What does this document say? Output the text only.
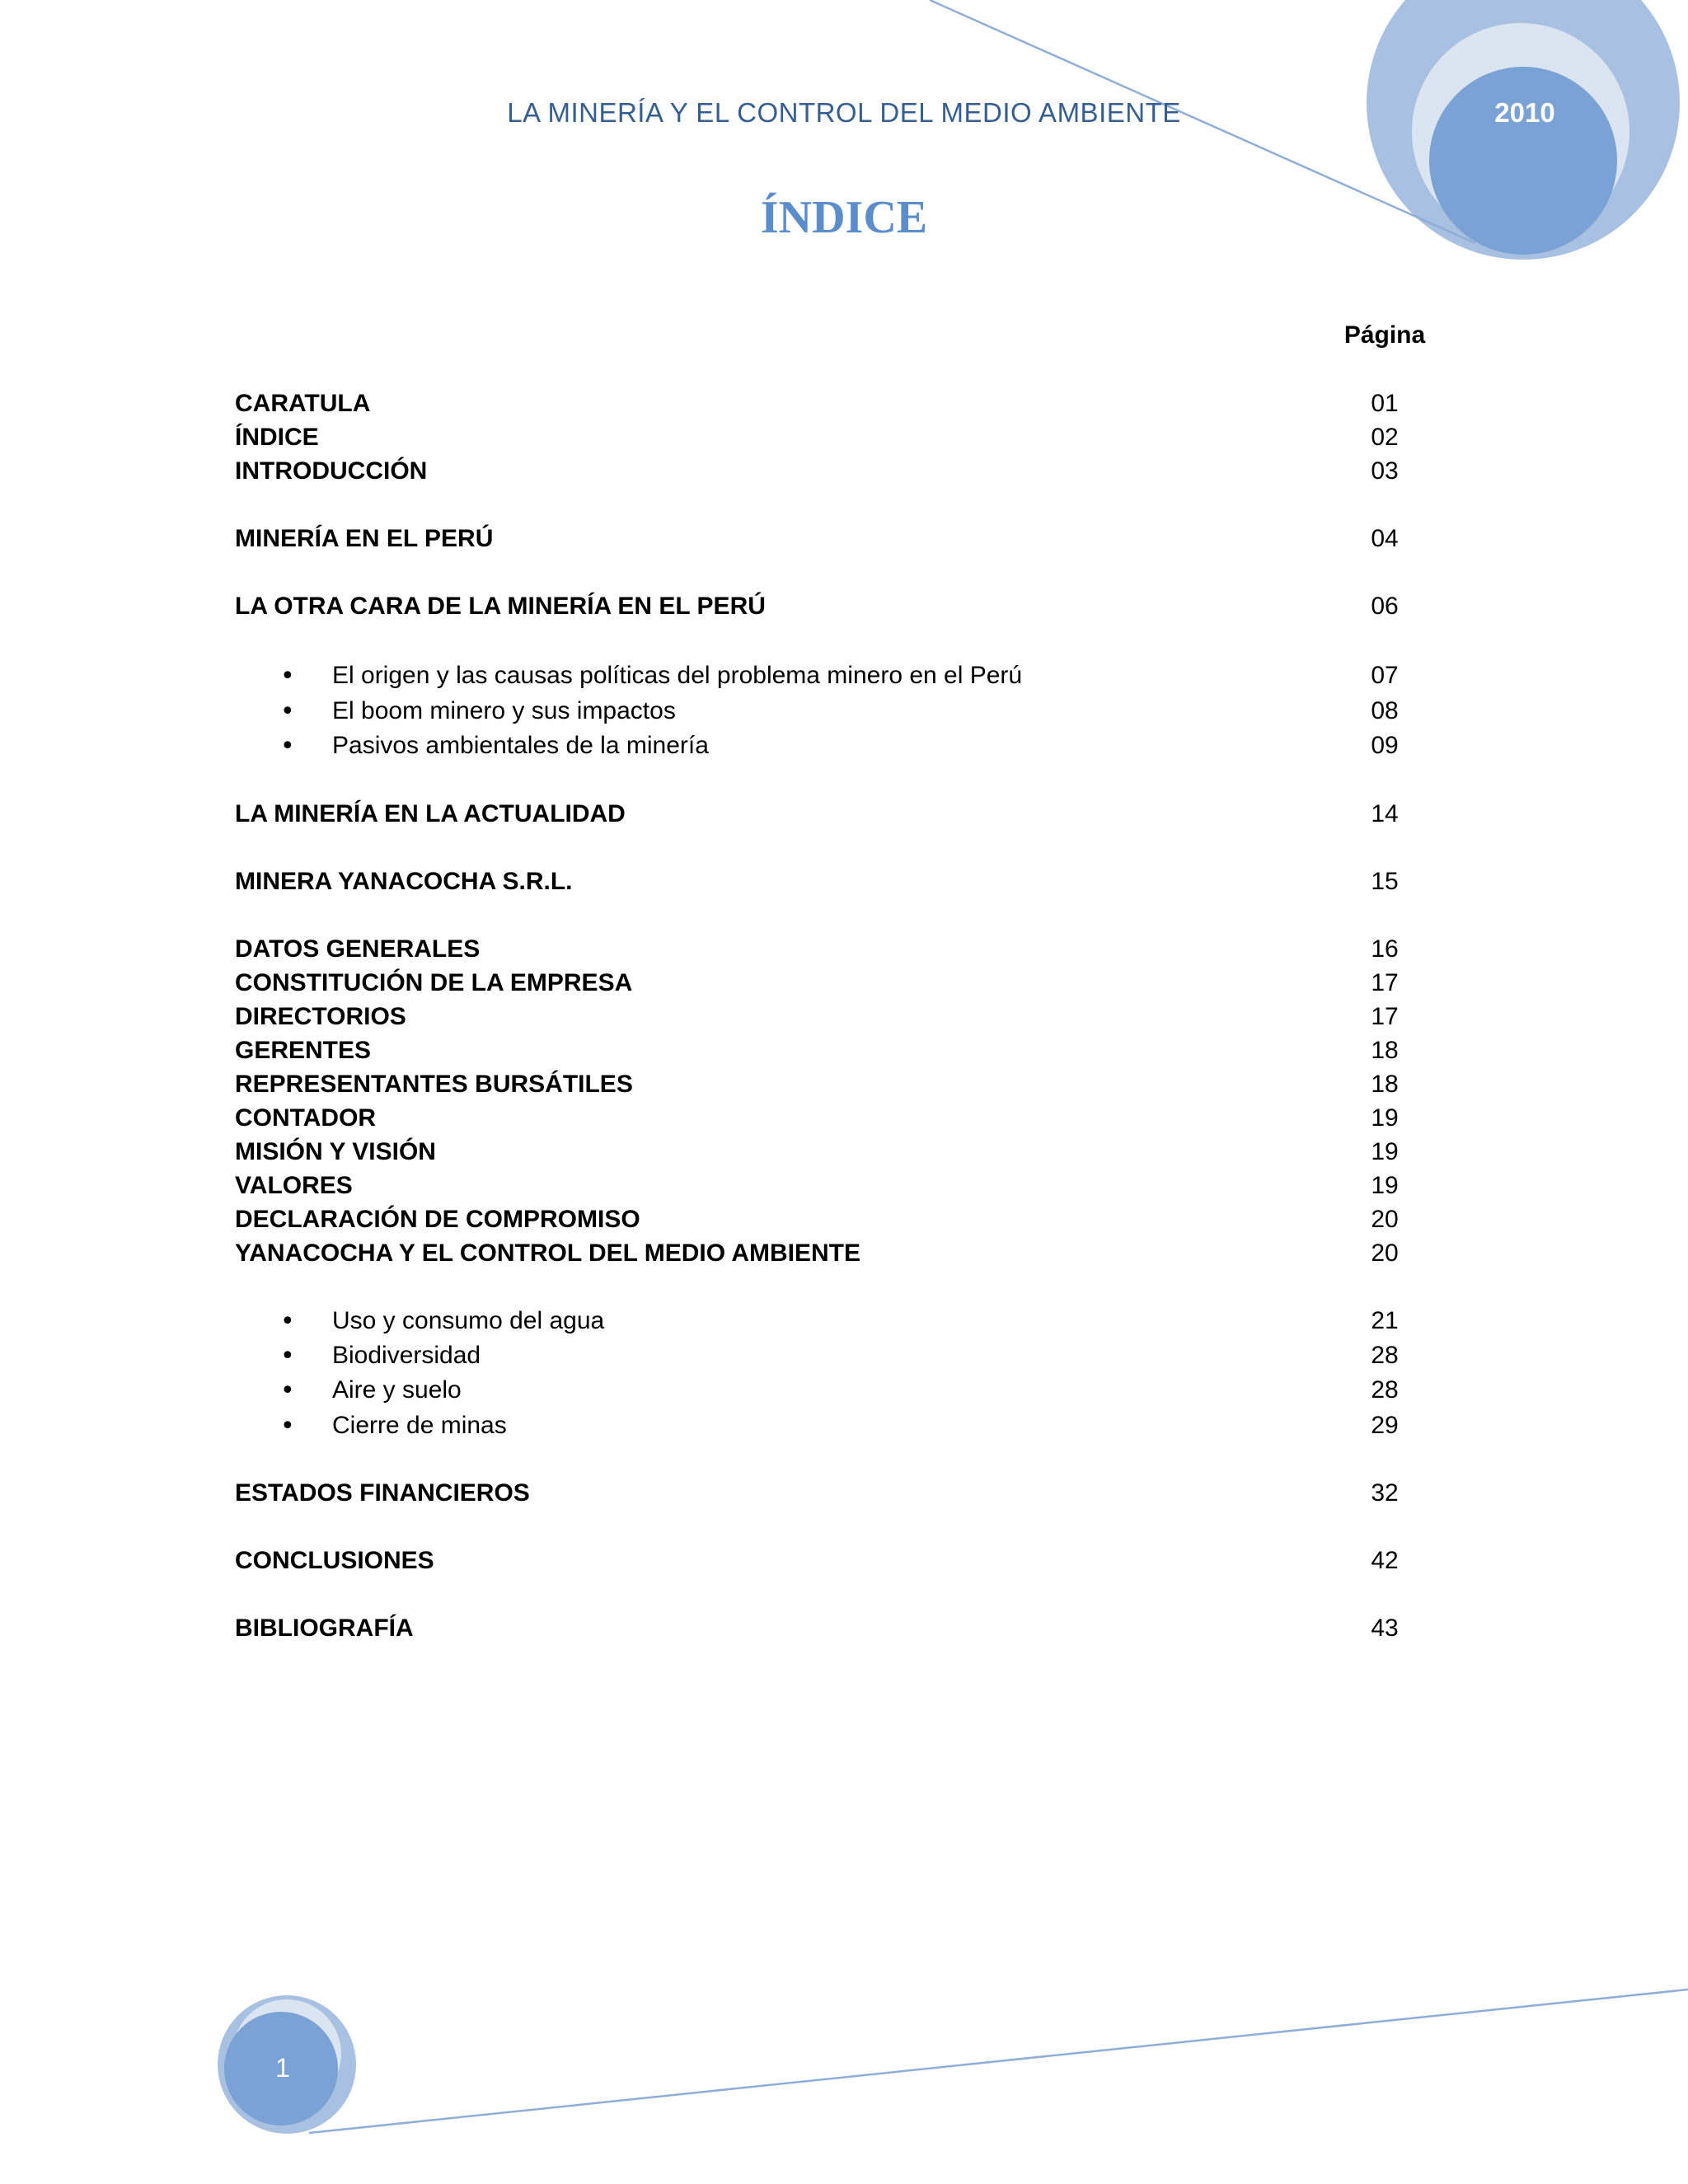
LA MINERÍA Y EL CONTROL DEL MEDIO AMBIENTE	2010
ÍNDICE
Página
CARATULA	01
ÍNDICE	02
INTRODUCCIÓN	03
MINERÍA EN EL PERÚ	04
LA OTRA CARA DE LA MINERÍA EN EL PERÚ	06
• El origen y las causas políticas del problema minero en el Perú	07
• El boom minero y sus impactos	08
• Pasivos ambientales de la minería	09
LA MINERÍA EN LA ACTUALIDAD	14
MINERA YANACOCHA S.R.L.	15
DATOS GENERALES	16
CONSTITUCIÓN DE LA EMPRESA	17
DIRECTORIOS	17
GERENTES	18
REPRESENTANTES BURSÁTILES	18
CONTADOR	19
MISIÓN Y VISIÓN	19
VALORES	19
DECLARACIÓN DE COMPROMISO	20
YANACOCHA Y EL CONTROL DEL MEDIO AMBIENTE	20
• Uso y consumo del agua	21
• Biodiversidad	28
• Aire y suelo	28
• Cierre de minas	29
ESTADOS FINANCIEROS	32
CONCLUSIONES	42
BIBLIOGRAFÍA	43
1
